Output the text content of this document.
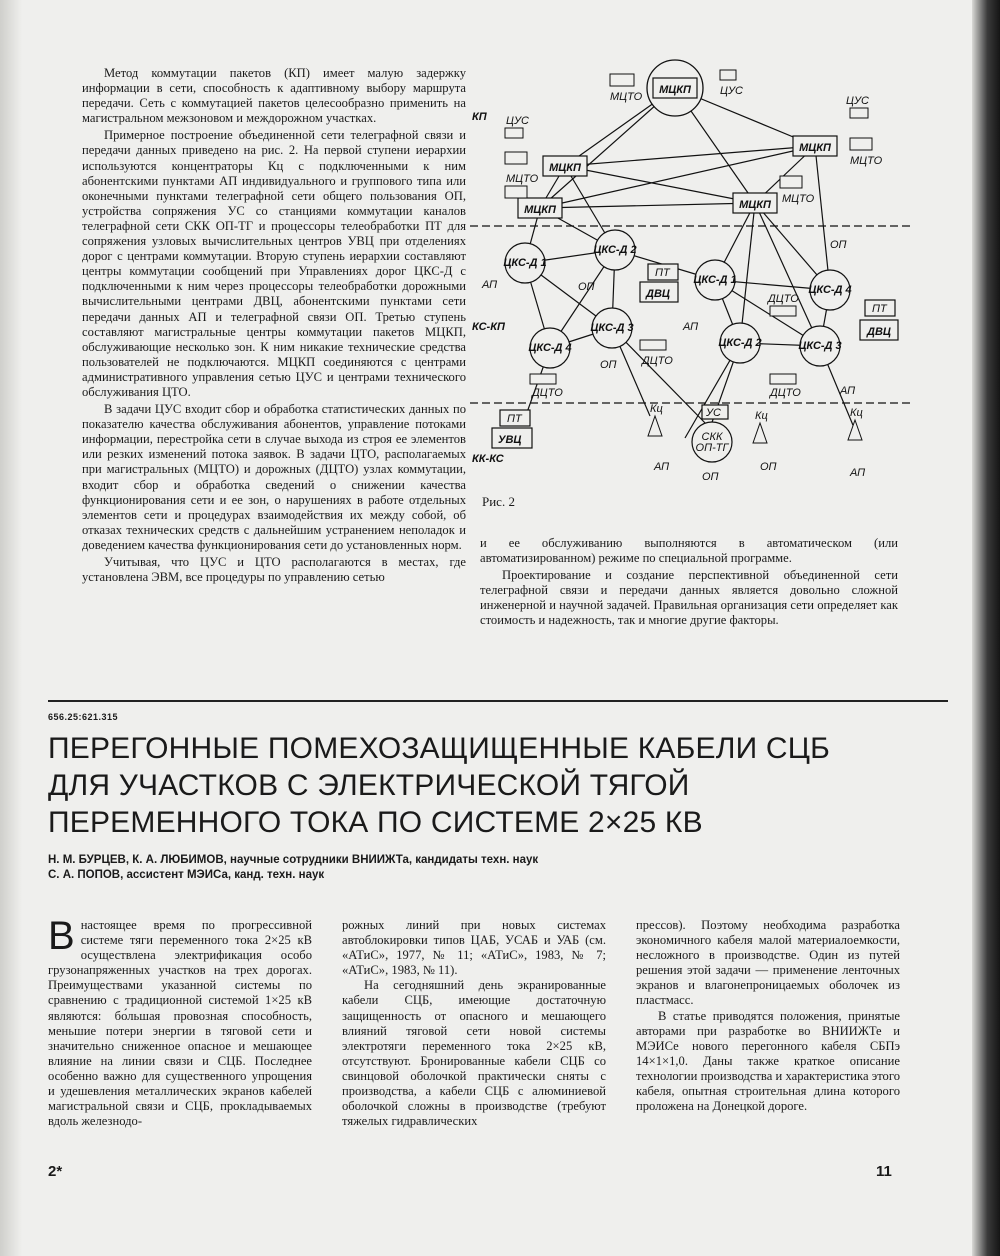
Метод коммутации пакетов (КП) имеет малую задержку информации в сети, способность к адаптивному выбору маршрута передачи. Сеть с коммутацией пакетов целесообразно применить на магистральном межзоновом и междорожном участках.

Примерное построение объединенной сети телеграфной связи и передачи данных приведено на рис. 2. На первой ступени иерархии используются концентраторы Кц с подключенными к ним абонентскими пунктами АП индивидуального и группового типа или оконечными пунктами телеграфной сети общего пользования ОП, устройства сопряжения УС со станциями коммутации каналов телеграфной сети СКК ОП-ТГ и процессоры телеобработки ПТ для сопряжения узловых вычислительных центров УВЦ при отделениях дорог с центрами коммутации. Вторую ступень иерархии составляют центры коммутации сообщений при Управлениях дорог ЦКС-Д с подключенными к ним через процессоры телеобработки дорожными вычислительными центрами ДВЦ, абонентскими пунктами сети передачи данных АП и телеграфной связи ОП. Третью ступень составляют магистральные центры коммутации пакетов МЦКП, обслуживающие несколько зон. К ним никакие технические средства пользователей не подключаются. МЦКП соединяются с центрами административного управления сетью ЦУС и центрами технического обслуживания ЦТО.

В задачи ЦУС входит сбор и обработка статистических данных по показателю качества обслуживания абонентов, управление потоками информации, перестройка сети в случае выхода из строя ее элементов или резких изменений потока заявок. В задачи ЦТО, располагаемых при магистральных (МЦТО) и дорожных (ДЦТО) узлах коммутации, входит сбор и обработка сведений о снижении качества функционирования сети и ее зон, о нарушениях в работе отдельных элементов сети и процедурах взаимодействия их между собой, об отказах технических средств с дальнейшим устранением неполадок и доведением качества функционирования сети до установленных норм.

Учитывая, что ЦУС и ЦТО располагаются в местах, где установлена ЭВМ, все процедуры по управлению сетью

МЦКП
МЦКП
МЦКП
МЦКП	МЦКП
МЦТО	ЦУС
ЦУС
ЦУС
МЦТО
МЦТО
МЦТО
ЦКС-Д 1
ЦКС-Д 2
ЦКС-Д 3
ЦКС-Д 4
ЦКС-Д 1
ЦКС-Д 4
ЦКС-Д 2	ЦКС-Д 3
ПТ
ДВЦ
ПТ
ДВЦ
ПТ
УВЦ
УС
СКК
ОП-ТГ
ДЦТО
ДЦТО
ДЦТО
ДЦТО
Кц
Кц	Кц
АП	ОП
ОП
АП
ОП
АП
АП
ОП
ОП	АП
КП
КС-КП
КК-КС
Рис. 2

и ее обслуживанию выполняются в автоматическом (или автоматизированном) режиме по специальной программе.

Проектирование и создание перспективной объединенной сети телеграфной связи и передачи данных является довольно сложной инженерной и научной задачей. Правильная организация сети определяет как стоимость и надежность, так и многие другие факторы.

656.25:621.315
ПЕРЕГОННЫЕ ПОМЕХОЗАЩИЩЕННЫЕ КАБЕЛИ СЦБ
ДЛЯ УЧАСТКОВ С ЭЛЕКТРИЧЕСКОЙ ТЯГОЙ
ПЕРЕМЕННОГО ТОКА ПО СИСТЕМЕ 2×25 КВ
Н. М. БУРЦЕВ, К. А. ЛЮБИМОВ, научные сотрудники ВНИИЖТа, кандидаты техн. наук
С. А. ПОПОВ, ассистент МЭИСа, канд. техн. наук

Внастоящее время по прогрессивной системе тяги переменного тока 2×25 кВ осуществлена электрификация особо грузонапряженных участков на трех дорогах. Преимуществами указанной системы по сравнению с традиционной системой 1×25 кВ являются: бо́льшая провозная способность, меньшие потери энергии в тяговой сети и значительно сниженное опасное и мешающее влияние на линии связи и СЦБ. Последнее особенно важно для существенного упрощения и удешевления металлических экранов кабелей магистральной связи и СЦБ, прокладываемых вдоль железнодо-

рожных линий при новых системах автоблокировки типов ЦАБ, УСАБ и УАБ (см. «АТиС», 1977, № 11; «АТиС», 1983, № 7; «АТиС», 1983, № 11).

На сегодняшний день экранированные кабели СЦБ, имеющие достаточную защищенность от опасного и мешающего влияний тяговой сети новой системы электротяги переменного тока 2×25 кВ, отсутствуют. Бронированные кабели СЦБ со свинцовой оболочкой практически сняты с производства, а кабели СЦБ с алюминиевой оболочкой сложны в производстве (требуют тяжелых гидравлических

прессов). Поэтому необходима разработка экономичного кабеля малой материалоемкости, несложного в производстве. Один из путей решения этой задачи — применение ленточных экранов и влагонепроницаемых оболочек из пластмасс.

В статье приводятся положения, принятые авторами при разработке во ВНИИЖТе и МЭИСе нового перегонного кабеля СБПэ 14×1×1,0. Даны также краткое описание технологии производства и характеристика этого кабеля, опытная строительная длина которого проложена на Донецкой дороге.

2*	11
